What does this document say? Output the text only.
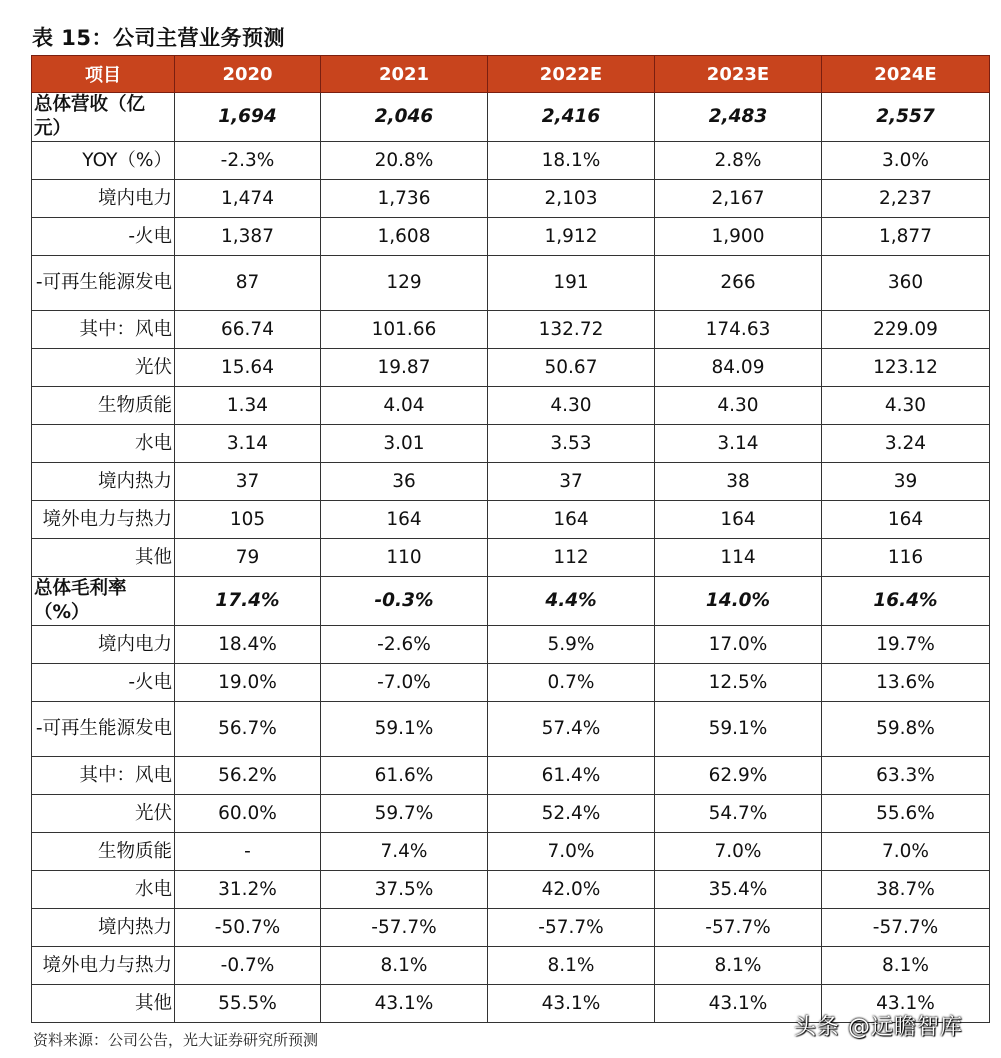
表 15：公司主营业务预测
项目	2020	2021	2022E	2023E	2024E
总体营收（亿元）	1,694	2,046	2,416	2,483	2,557
YOY（%）	-2.3%	20.8%	18.1%	2.8%	3.0%
境内电力	1,474	1,736	2,103	2,167	2,237
-火电	1,387	1,608	1,912	1,900	1,877
-可再生能源发电	87	129	191	266	360
其中：风电	66.74	101.66	132.72	174.63	229.09
光伏	15.64	19.87	50.67	84.09	123.12
生物质能	1.34	4.04	4.30	4.30	4.30
水电	3.14	3.01	3.53	3.14	3.24
境内热力	37	36	37	38	39
境外电力与热力	105	164	164	164	164
其他	79	110	112	114	116
总体毛利率（%）	17.4%	-0.3%	4.4%	14.0%	16.4%
境内电力	18.4%	-2.6%	5.9%	17.0%	19.7%
-火电	19.0%	-7.0%	0.7%	12.5%	13.6%
-可再生能源发电	56.7%	59.1%	57.4%	59.1%	59.8%
其中：风电	56.2%	61.6%	61.4%	62.9%	63.3%
光伏	60.0%	59.7%	52.4%	54.7%	55.6%
生物质能	-	7.4%	7.0%	7.0%	7.0%
水电	31.2%	37.5%	42.0%	35.4%	38.7%
境内热力	-50.7%	-57.7%	-57.7%	-57.7%	-57.7%
境外电力与热力	-0.7%	8.1%	8.1%	8.1%	8.1%
其他	55.5%	43.1%	43.1%	43.1%	43.1%
资料来源：公司公告，光大证券研究所预测	头条 @远瞻智库
